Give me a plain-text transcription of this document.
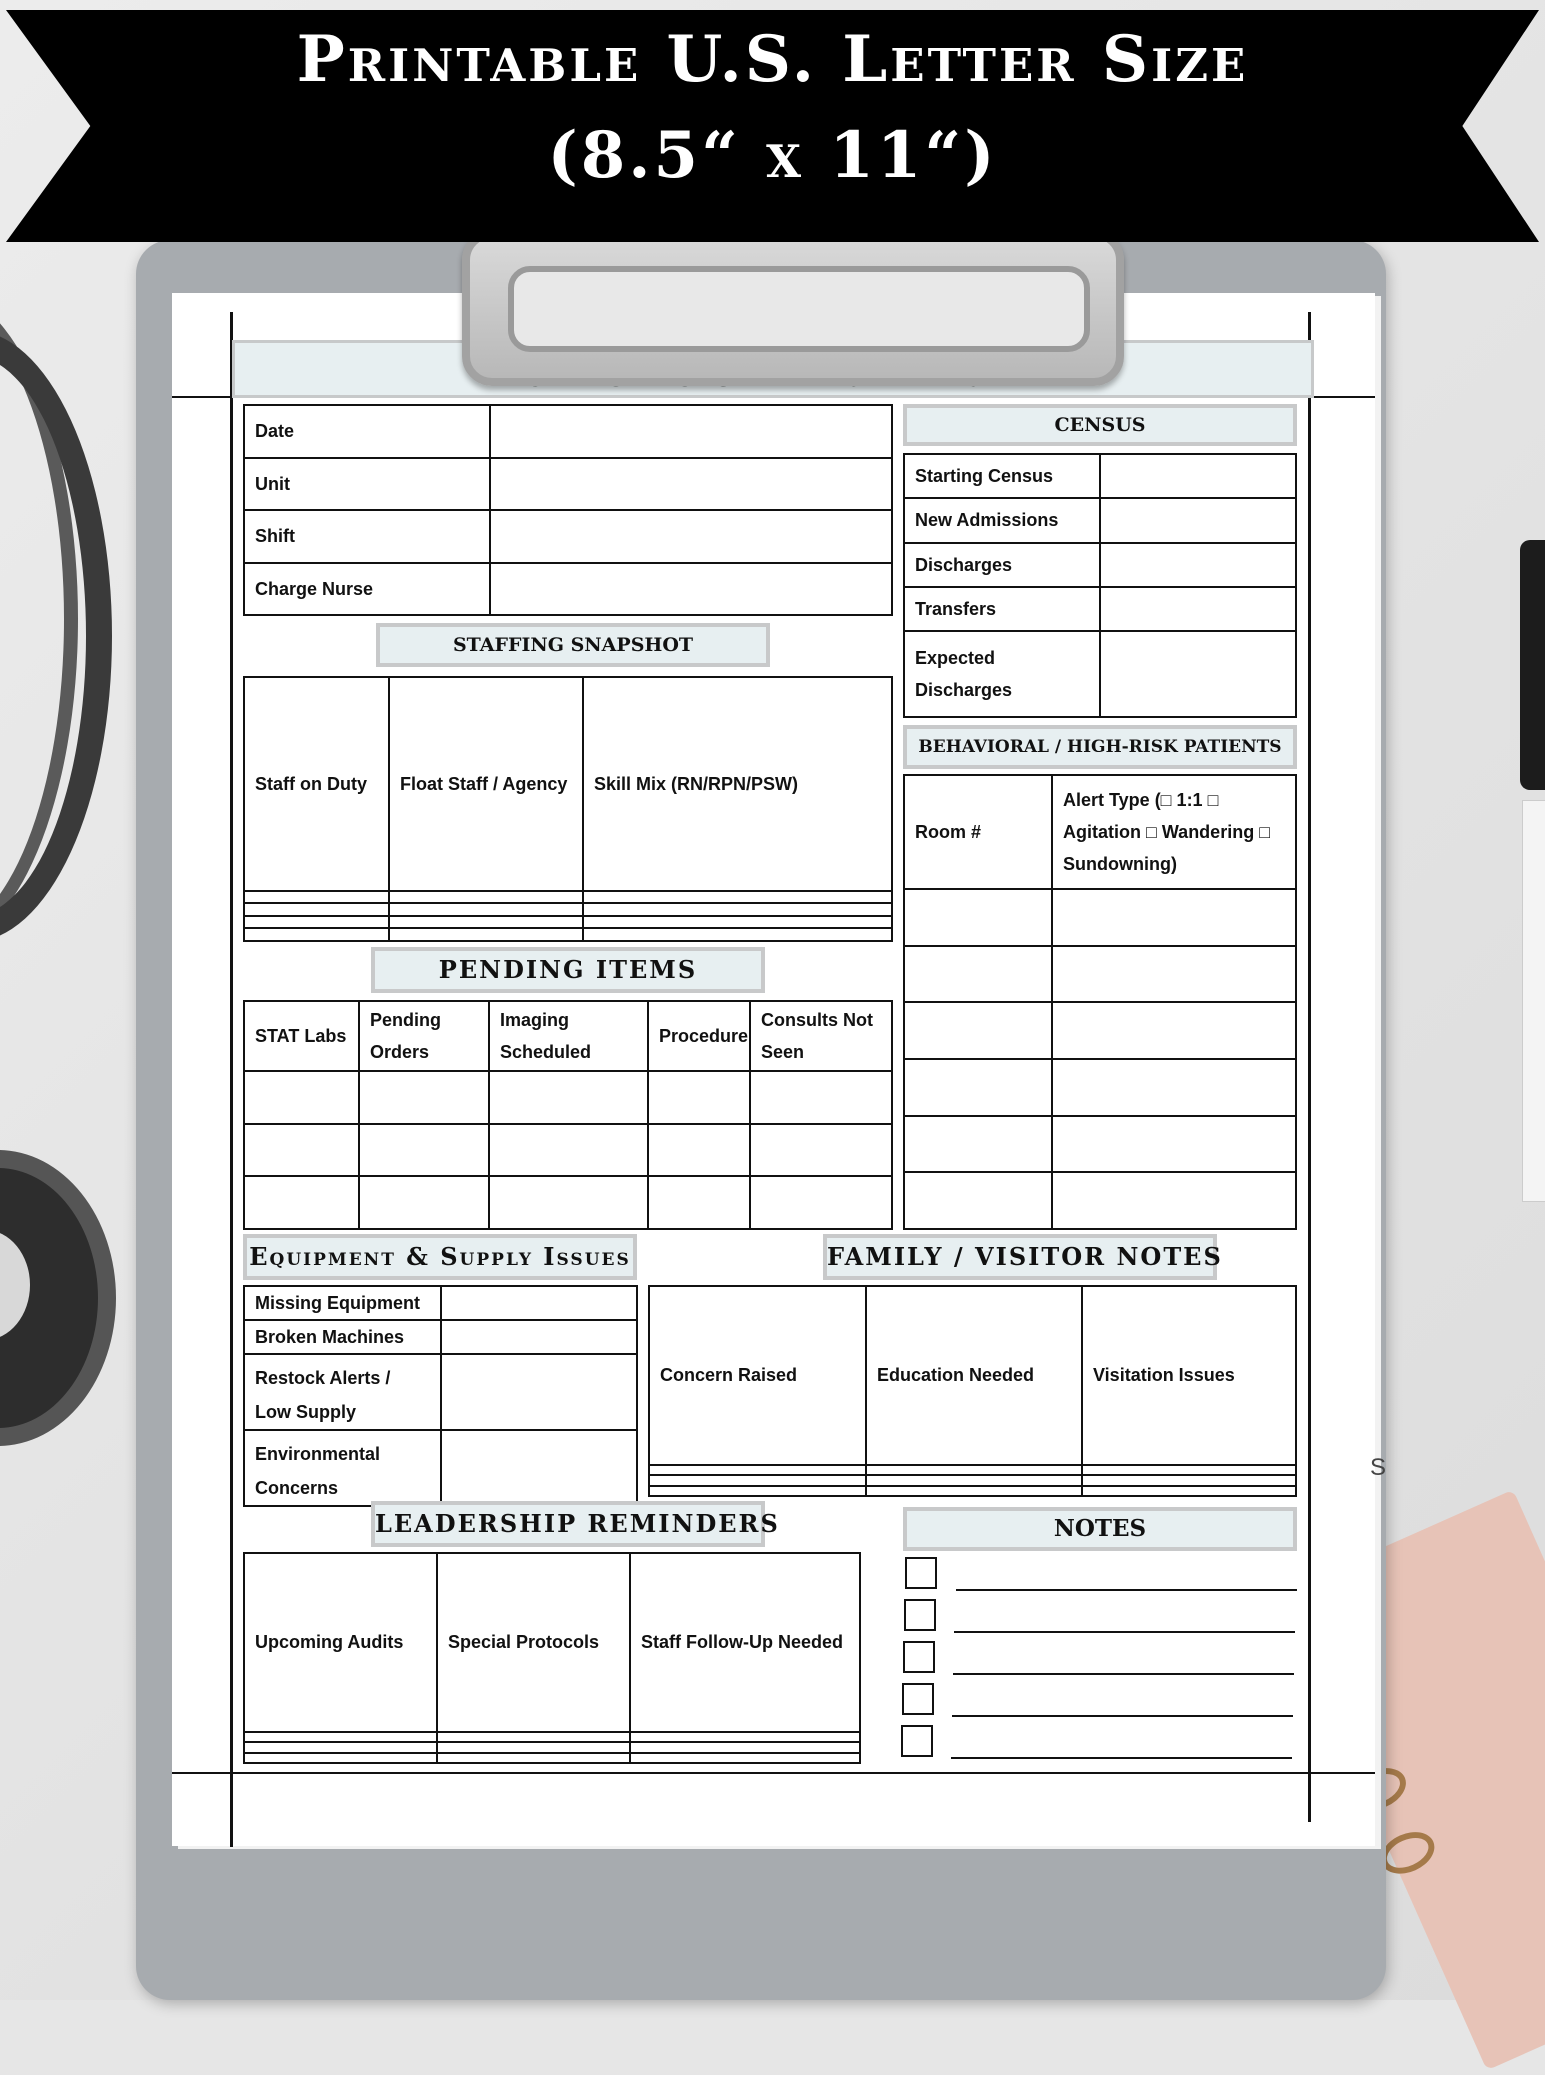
Printable U.S. Letter Size
(8.5“ x 11“)
Date	
Unit	
Shift	
Charge Nurse	
CENSUS
Starting Census	
New Admissions	
Discharges	
Transfers	
Expected Discharges	
STAFFING SNAPSHOT
Staff on Duty	Float Staff / Agency	Skill Mix (RN/RPN/PSW)

BEHAVIORAL / HIGH-RISK PATIENTS
Room #	Alert Type (□ 1:1 □ Agitation □ Wandering □ Sundowning)

PENDING ITEMS
STAT Labs	Pending Orders	Imaging Scheduled	Procedure	Consults Not Seen

Equipment & Supply Issues
Missing Equipment	
Broken Machines	
Restock Alerts / Low Supply	
Environmental Concerns	
FAMILY / VISITOR NOTES
Concern Raised	Education Needed	Visitation Issues

LEADERSHIP REMINDERS
Upcoming Audits	Special Protocols	Staff Follow-Up Needed

NOTES
S
